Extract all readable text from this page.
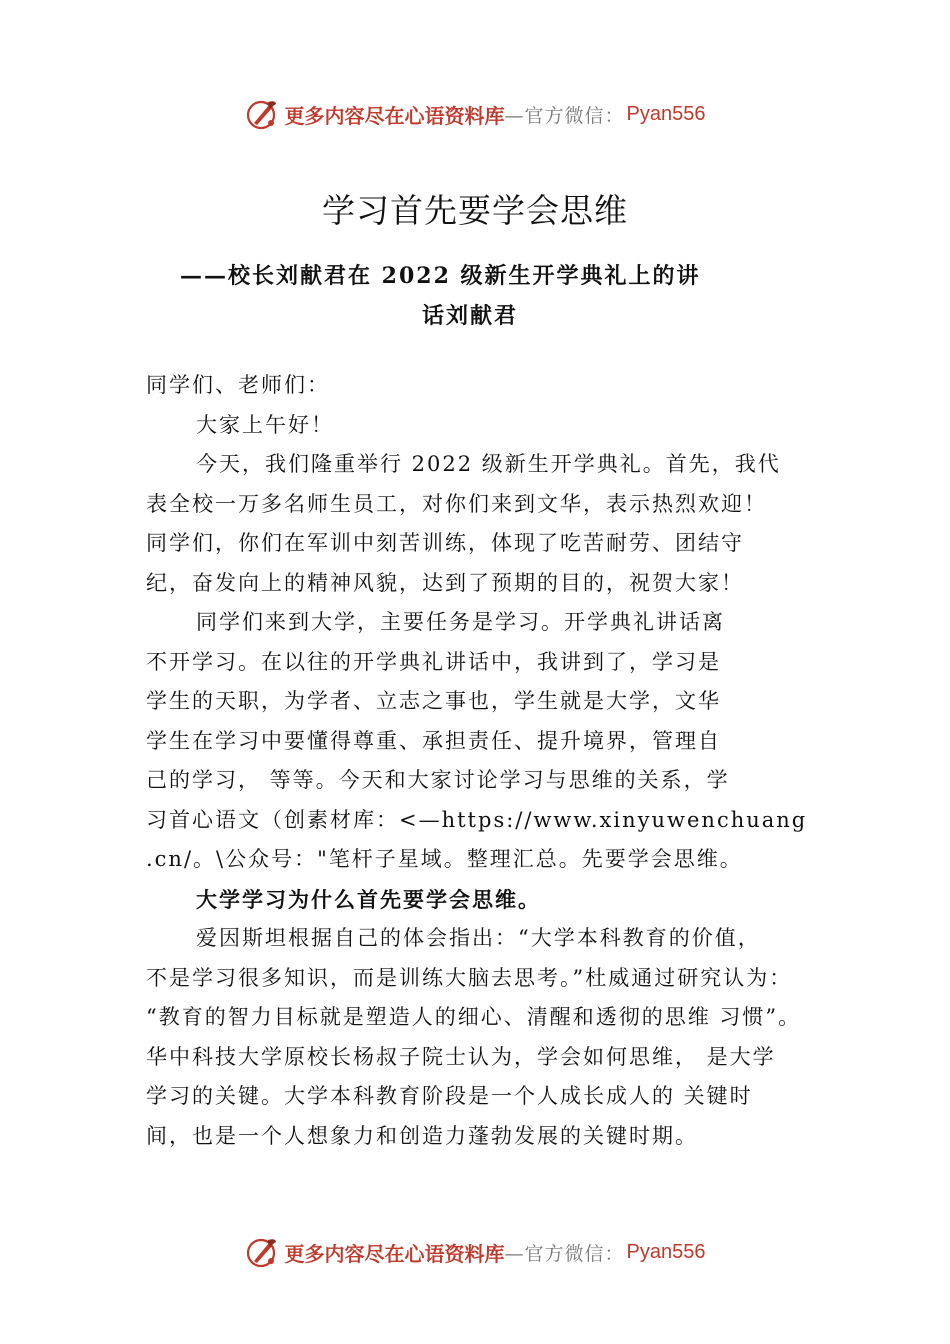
更多内容尽在心语资料库 —官方微信： Pyan556
学习首先要学会思维
——校长刘献君在 2022 级新生开学典礼上的讲
话刘献君

同学们、老师们：

大家上午好！

今天，我们隆重举行 2022 级新生开学典礼。首先，我代

表全校一万多名师生员工，对你们来到文华，表示热烈欢迎！

同学们，你们在军训中刻苦训练，体现了吃苦耐劳、团结守

纪，奋发向上的精神风貌，达到了预期的目的，祝贺大家！

同学们来到大学，主要任务是学习。开学典礼讲话离

不开学习。在以往的开学典礼讲话中，我讲到了，学习是

学生的天职，为学者、立志之事也，学生就是大学，文华

学生在学习中要懂得尊重、承担责任、提升境界，管理自

己的学习， 等等。今天和大家讨论学习与思维的关系，学

习首心语文（创素材库：<—https://www.xinyuwenchuang

.cn/。\公众号："笔杆子星域。整理汇总。先要学会思维。

大学学习为什么首先要学会思维。

爱因斯坦根据自己的体会指出：“大学本科教育的价值，

不是学习很多知识，而是训练大脑去思考。”杜威通过研究认为：

“教育的智力目标就是塑造人的细心、清醒和透彻的思维 习惯”。

华中科技大学原校长杨叔子院士认为，学会如何思维， 是大学

学习的关键。大学本科教育阶段是一个人成长成人的 关键时

间，也是一个人想象力和创造力蓬勃发展的关键时期。

更多内容尽在心语资料库 —官方微信： Pyan556
